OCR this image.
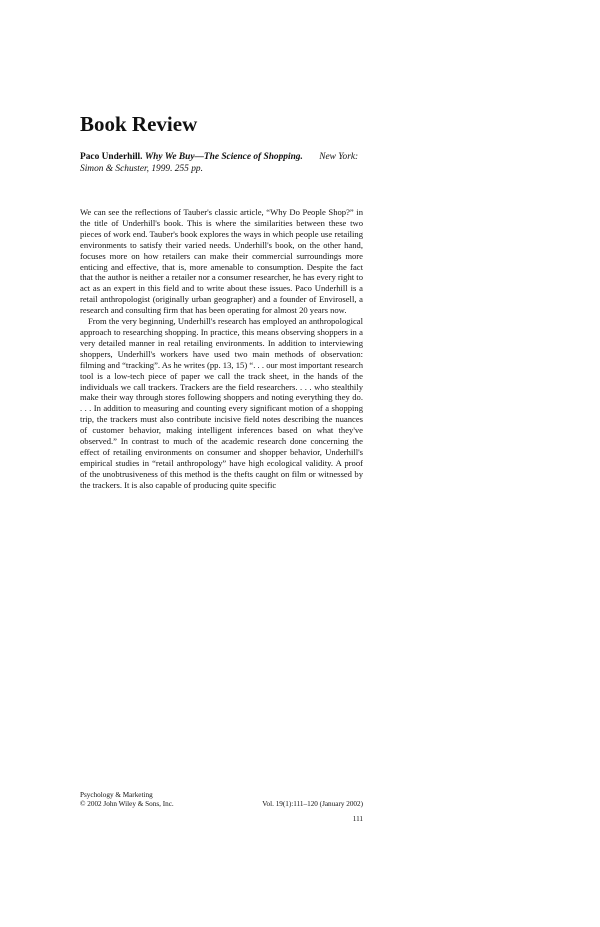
Book Review
Paco Underhill. Why We Buy—The Science of Shopping. New York: Simon & Schuster, 1999. 255 pp.

We can see the reflections of Tauber's classic article, “Why Do People Shop?” in the title of Underhill's book. This is where the similarities between these two pieces of work end. Tauber's book explores the ways in which people use retailing environments to satisfy their varied needs. Underhill's book, on the other hand, focuses more on how retailers can make their commercial surroundings more enticing and effective, that is, more amenable to consumption. Despite the fact that the author is neither a retailer nor a consumer researcher, he has every right to act as an expert in this field and to write about these issues. Paco Underhill is a retail anthropologist (originally urban geographer) and a founder of Envirosell, a research and consulting firm that has been operating for almost 20 years now.

From the very beginning, Underhill's research has employed an anthropological approach to researching shopping. In practice, this means observing shoppers in a very detailed manner in real retailing environments. In addition to interviewing shoppers, Underhill's workers have used two main methods of observation: filming and “tracking”. As he writes (pp. 13, 15) “. . . our most important research tool is a low-tech piece of paper we call the track sheet, in the hands of the individuals we call trackers. Trackers are the field researchers. . . . who stealthily make their way through stores following shoppers and noting everything they do. . . . In addition to measuring and counting every significant motion of a shopping trip, the trackers must also contribute incisive field notes describing the nuances of customer behavior, making intelligent inferences based on what they've observed.” In contrast to much of the academic research done concerning the effect of retailing environments on consumer and shopper behavior, Underhill's empirical studies in “retail anthropology” have high ecological validity. A proof of the unobtrusiveness of this method is the thefts caught on film or witnessed by the trackers. It is also capable of producing quite specific

Psychology & Marketing
© 2002 John Wiley & Sons, Inc.	Vol. 19(1):111–120 (January 2002)
111
